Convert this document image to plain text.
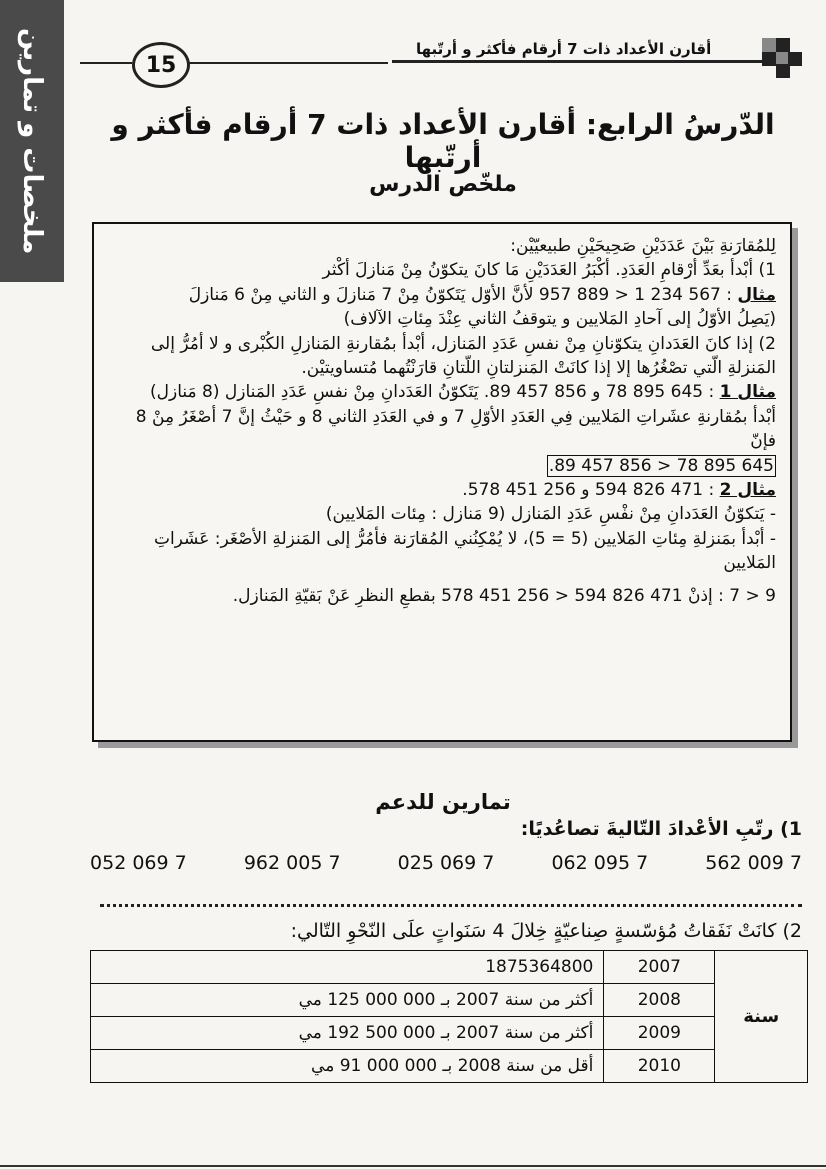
ملخصات و تمارين	15
أقارن الأعداد ذات 7 أرقام فأكثر و أرتّبها
الدّرسُ الرابع: أقارن الأعداد ذات 7 أرقام فأكثر و أرتّبها
ملخّص الدرس

لِلمُقارَنةِ بَيْنَ عَدَدَيْنِ صَحِيحَيْنِ طبيعيّيْن:

1) أبْدأ بعَدِّ أرْقامِ العَدَدِ. أكْبَرُ العَدَدَيْنِ مَا كانَ يتكوّنُ مِنْ مَنازلَ أكْثر

مثال : 567 234 1 < 889 957 لأنَّ الأوّل يَتَكوّنُ مِنْ 7 مَنازلَ و الثاني مِنْ 6 مَنازلَ

(يَصِلُ الأوّلُ إلى آحادِ المَلايين و يتوقفُ الثاني عِنْدَ مِئاتِ الآلاف)

2) إذا كانَ العَدَدانِ يتكوّنانِ مِنْ نفسِ عَدَدِ المَنازل، أبْدأ بمُقارنةِ المَنازلِ الكُبْرى و لا أمُرُّ إلى المَنزلةِ الّتي تصْغُرُها إلا إذا كانَتْ المَنزلتانِ اللّتانِ قارَنْتُهما مُتساويتيْن.

مثال 1 : 645 895 78 و 856 457 89. يَتَكوّنُ العَدَدانِ مِنْ نفسِ عَدَدِ المَنازل (8 مَنازل)

أبْدأ بمُقارنةِ عشَراتِ المَلايين فِي العَدَدِ الأوّلِ 7 و في العَدَدِ الثاني 8 و حَيْثُ إنَّ 7 أصْغَرُ مِنْ 8 فإنّ

645 895 78 < 856 457 89.

مثال 2 : 471 826 594 و 256 451 578.

- يَتكوّنُ العَدَدانِ مِنْ نفْسِ عَدَدِ المَنازل (9 مَنازل : مِئات المَلايين)

- أبْدأ بمَنزلةِ مِئاتِ المَلايين (5 = 5)، لا يُمْكِنُني المُقارَنة فأمُرُّ إلى المَنزلةِ الأصْغَر: عَشَراتِ المَلايين

9 < 7 : إذنْ 471 826 594 < 256 451 578 بقطعِ النظرِ عَنْ بَقيّةِ المَنازل.

تمارين للدعم
1) رتّبِ الأعْدادَ التّاليةَ تصاعُديًا:
7 009 562
7 095 062
7 069 025
7 005 962
7 069 052
2) كانَتْ نَفَقاتُ مُؤسّسةٍ صِناعيّةٍ خِلالَ 4 سَنَواتٍ علَى النّحْوِ التّالي:
سنة	2007	1875364800
	2008	أكثر من سنة 2007 بـ 000 000 125 مي
	2009	أكثر من سنة 2007 بـ 000 500 192 مي
	2010	أقل من سنة 2008 بـ 000 000 91 مي
